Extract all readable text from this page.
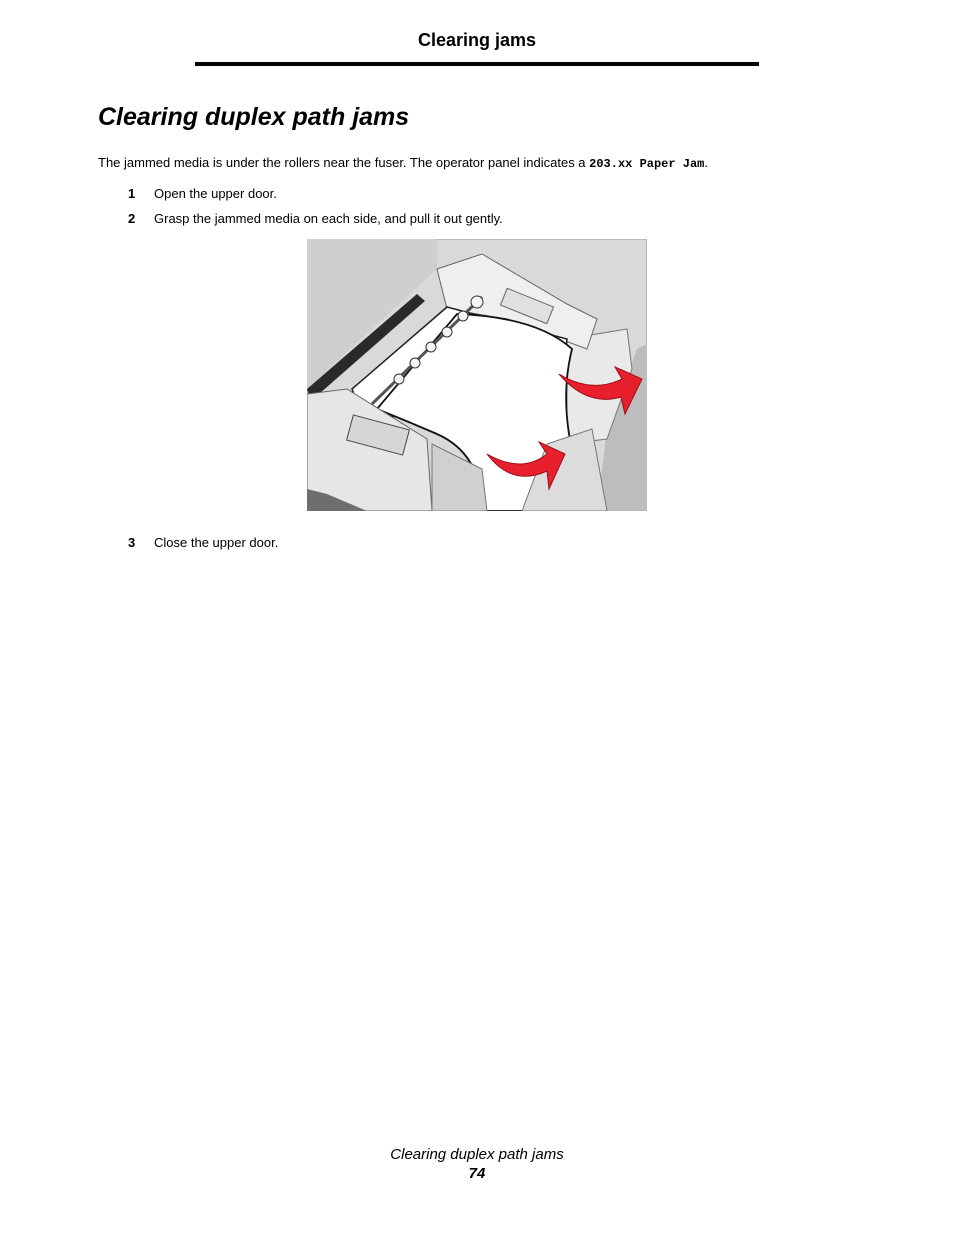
Clearing jams
Clearing duplex path jams

The jammed media is under the rollers near the fuser. The operator panel indicates a 203.xx Paper Jam.

1 Open the upper door.
2 Grasp the jammed media on each side, and pull it out gently.
3 Close the upper door.
Clearing duplex path jams
74
